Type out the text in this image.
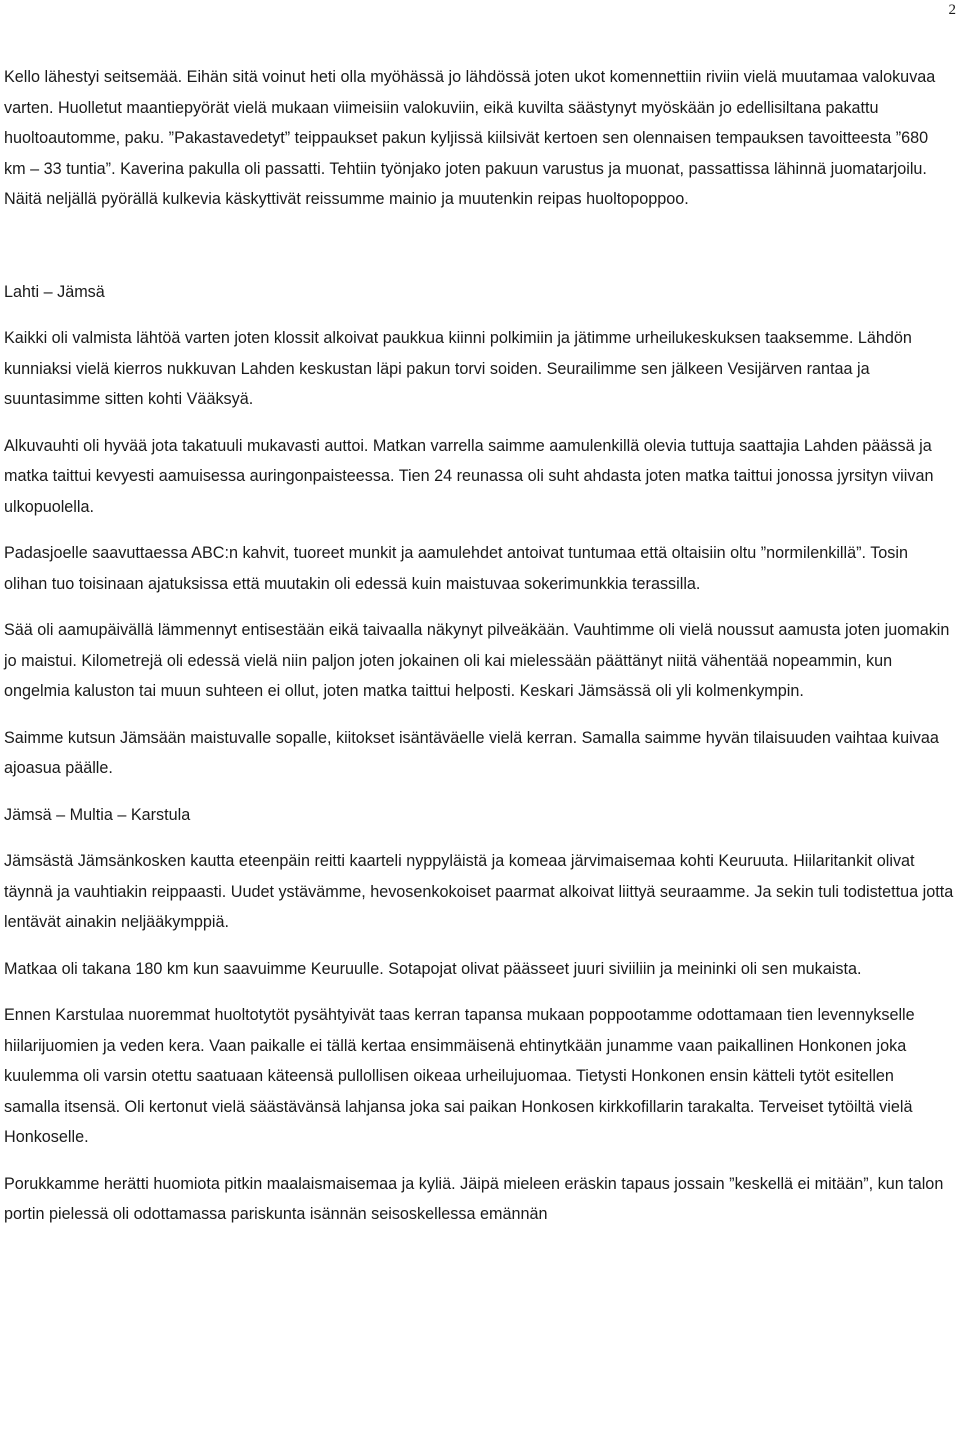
2

Kello lähestyi seitsemää. Eihän sitä voinut heti olla myöhässä jo lähdössä joten ukot komennettiin riviin vielä muutamaa valokuvaa varten. Huolletut maantiepyörät vielä mukaan viimeisiin valokuviin, eikä kuvilta säästynyt myöskään jo edellisiltana pakattu huoltoautomme, paku. ”Pakastavedetyt” teippaukset pakun kyljissä kiilsivät kertoen sen olennaisen tempauksen tavoitteesta ”680 km – 33 tuntia”. Kaverina pakulla oli passatti. Tehtiin työnjako joten pakuun varustus ja muonat, passattissa lähinnä juomatarjoilu. Näitä neljällä pyörällä kulkevia käskyttivät reissumme mainio ja muutenkin reipas huoltopoppoo.

Lahti – Jämsä

Kaikki oli valmista lähtöä varten joten klossit alkoivat paukkua kiinni polkimiin ja jätimme urheilukeskuksen taaksemme. Lähdön kunniaksi vielä kierros nukkuvan Lahden keskustan läpi pakun torvi soiden. Seurailimme sen jälkeen Vesijärven rantaa ja suuntasimme sitten kohti Vääksyä.

Alkuvauhti oli hyvää jota takatuuli mukavasti auttoi. Matkan varrella saimme aamulenkillä olevia tuttuja saattajia Lahden päässä ja matka taittui kevyesti aamuisessa auringonpaisteessa. Tien 24 reunassa oli suht ahdasta joten matka taittui jonossa jyrsityn viivan ulkopuolella.

Padasjoelle saavuttaessa ABC:n kahvit, tuoreet munkit ja aamulehdet antoivat tuntumaa että oltaisiin oltu ”normilenkillä”. Tosin olihan tuo toisinaan ajatuksissa että muutakin oli edessä kuin maistuvaa sokerimunkkia terassilla.

Sää oli aamupäivällä lämmennyt entisestään eikä taivaalla näkynyt pilveäkään. Vauhtimme oli vielä noussut aamusta joten juomakin jo maistui. Kilometrejä oli edessä vielä niin paljon joten jokainen oli kai mielessään päättänyt niitä vähentää nopeammin, kun ongelmia kaluston tai muun suhteen ei ollut, joten matka taittui helposti. Keskari Jämsässä oli yli kolmenkympin.

Saimme kutsun Jämsään maistuvalle sopalle, kiitokset isäntäväelle vielä kerran. Samalla saimme hyvän tilaisuuden vaihtaa kuivaa ajoasua päälle.

Jämsä – Multia – Karstula

Jämsästä Jämsänkosken kautta eteenpäin reitti kaarteli nyppyläistä ja komeaa järvimaisemaa kohti Keuruuta. Hiilaritankit olivat täynnä ja vauhtiakin reippaasti. Uudet ystävämme, hevosenkokoiset paarmat alkoivat liittyä seuraamme. Ja sekin tuli todistettua jotta lentävät ainakin neljääkymppiä.

Matkaa oli takana 180 km kun saavuimme Keuruulle. Sotapojat olivat päässeet juuri siviiliin ja meininki oli sen mukaista.

Ennen Karstulaa nuoremmat huoltotytöt pysähtyivät taas kerran tapansa mukaan poppootamme odottamaan tien levennykselle hiilarijuomien ja veden kera. Vaan paikalle ei tällä kertaa ensimmäisenä ehtinytkään junamme vaan paikallinen Honkonen joka kuulemma oli varsin otettu saatuaan käteensä pullollisen oikeaa urheilujuomaa. Tietysti Honkonen ensin kätteli tytöt esitellen samalla itsensä. Oli kertonut vielä säästävänsä lahjansa joka sai paikan Honkosen kirkkofillarin tarakalta. Terveiset tytöiltä vielä Honkoselle.

Porukkamme herätti huomiota pitkin maalaismaisemaa ja kyliä. Jäipä mieleen eräskin tapaus jossain ”keskellä ei mitään”, kun talon portin pielessä oli odottamassa pariskunta isännän seisoskellessa emännän
